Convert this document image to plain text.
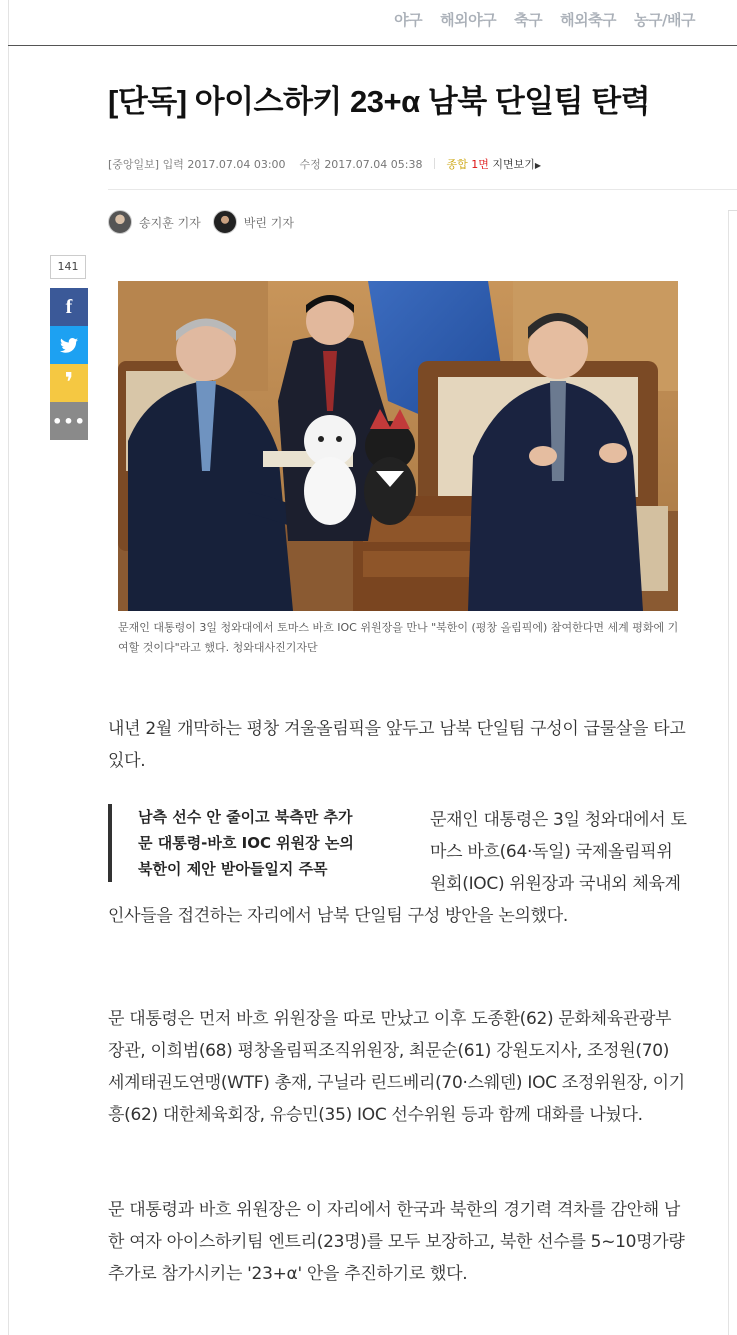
야구 해외야구 축구 해외축구 농구/배구
[단독] 아이스하키 23+α 남북 단일팀 탄력
[중앙일보] 입력 2017.07.04 03:00 수정 2017.07.04 05:38 종합 1면 지면보기▶
송지훈 기자	박린 기자
141
f
❜
•••

문재인 대통령이 3일 청와대에서 토마스 바흐 IOC 위원장을 만나 "북한이 (평창 올림픽에) 참여한다면 세계 평화에 기여할 것이다"라고 했다. 청와대사진기자단

내년 2월 개막하는 평창 겨울올림픽을 앞두고 남북 단일팀 구성이 급물살을 타고 있다.

남측 선수 안 줄이고 북측만 추가

문 대통령-바흐 IOC 위원장 논의

북한이 제안 받아들일지 주목

문재인 대통령은 3일 청와대에서 토마스 바흐(64·독일) 국제올림픽위원회(IOC) 위원장과 국내외 체육계 인사들을 접견하는 자리에서 남북 단일팀 구성 방안을 논의했다.

문 대통령은 먼저 바흐 위원장을 따로 만났고 이후 도종환(62) 문화체육관광부 장관, 이희범(68) 평창올림픽조직위원장, 최문순(61) 강원도지사, 조정원(70) 세계태권도연맹(WTF) 총재, 구닐라 린드베리(70·스웨덴) IOC 조정위원장, 이기흥(62) 대한체육회장, 유승민(35) IOC 선수위원 등과 함께 대화를 나눴다.

문 대통령과 바흐 위원장은 이 자리에서 한국과 북한의 경기력 격차를 감안해 남한 여자 아이스하키팀 엔트리(23명)를 모두 보장하고, 북한 선수를 5~10명가량 추가로 참가시키는 '23+α' 안을 추진하기로 했다.
